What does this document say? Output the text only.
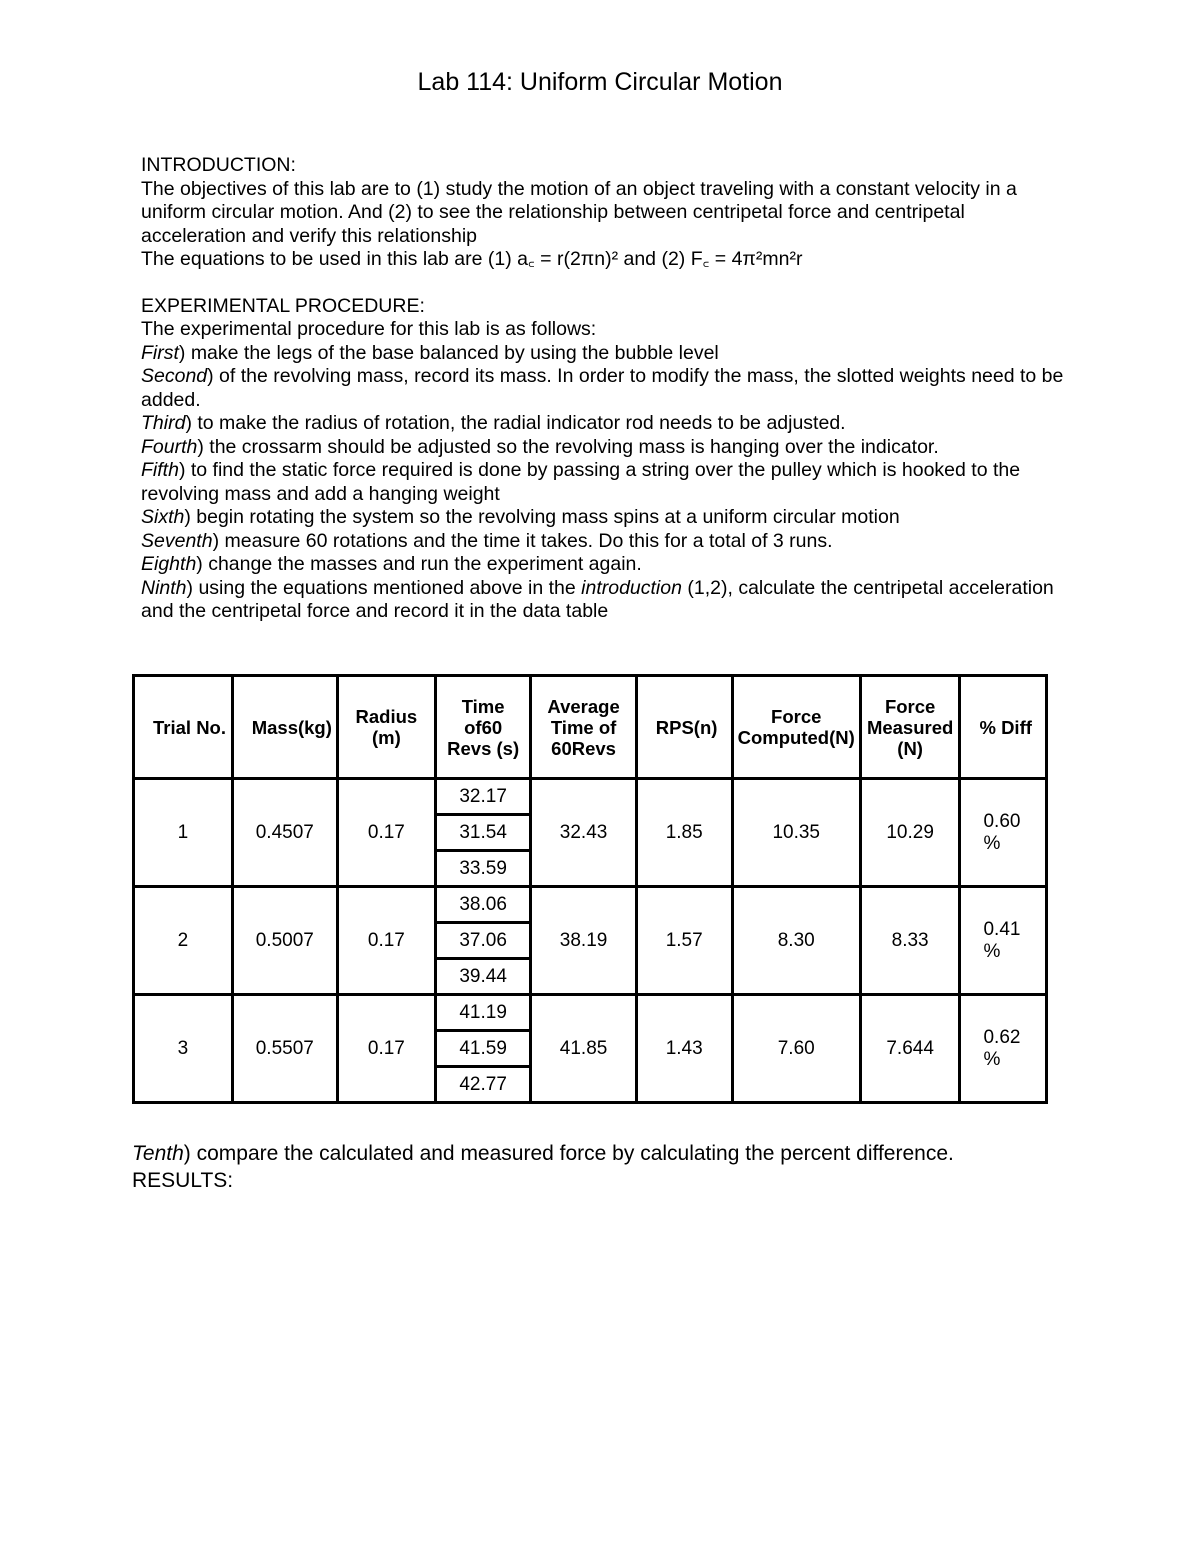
Lab 114: Uniform Circular Motion

INTRODUCTION:

The objectives of this lab are to (1) study the motion of an object traveling with a constant velocity in a uniform circular motion. And (2) to see the relationship between centripetal force and centripetal acceleration and verify this relationship

The equations to be used in this lab are (1) a꜀ = r(2πn)² and (2) F꜀ = 4π²mn²r

EXPERIMENTAL PROCEDURE:

The experimental procedure for this lab is as follows:

First) make the legs of the base balanced by using the bubble level

Second) of the revolving mass, record its mass. In order to modify the mass, the slotted weights need to be added.

Third) to make the radius of rotation, the radial indicator rod needs to be adjusted.

Fourth) the crossarm should be adjusted so the revolving mass is hanging over the indicator.

Fifth) to find the static force required is done by passing a string over the pulley which is hooked to the revolving mass and add a hanging weight

Sixth) begin rotating the system so the revolving mass spins at a uniform circular motion

Seventh) measure 60 rotations and the time it takes. Do this for a total of 3 runs.

Eighth) change the masses and run the experiment again.

Ninth) using the equations mentioned above in the introduction (1,2), calculate the centripetal acceleration and the centripetal force and record it in the data table

Trial No.	Mass(kg)	Radius (m)	Time of60 Revs (s)	Average Time of 60Revs	RPS(n)	Force Computed(N)	Force Measured (N)	% Diff
1	0.4507	0.17	32.17	32.43	1.85	10.35	10.29	0.60 %
			31.54					
			33.59					
2	0.5007	0.17	38.06	38.19	1.57	8.30	8.33	0.41 %
			37.06					
			39.44					
3	0.5507	0.17	41.19	41.85	1.43	7.60	7.644	0.62 %
			41.59					
			42.77					

Tenth) compare the calculated and measured force by calculating the percent difference.

RESULTS:
